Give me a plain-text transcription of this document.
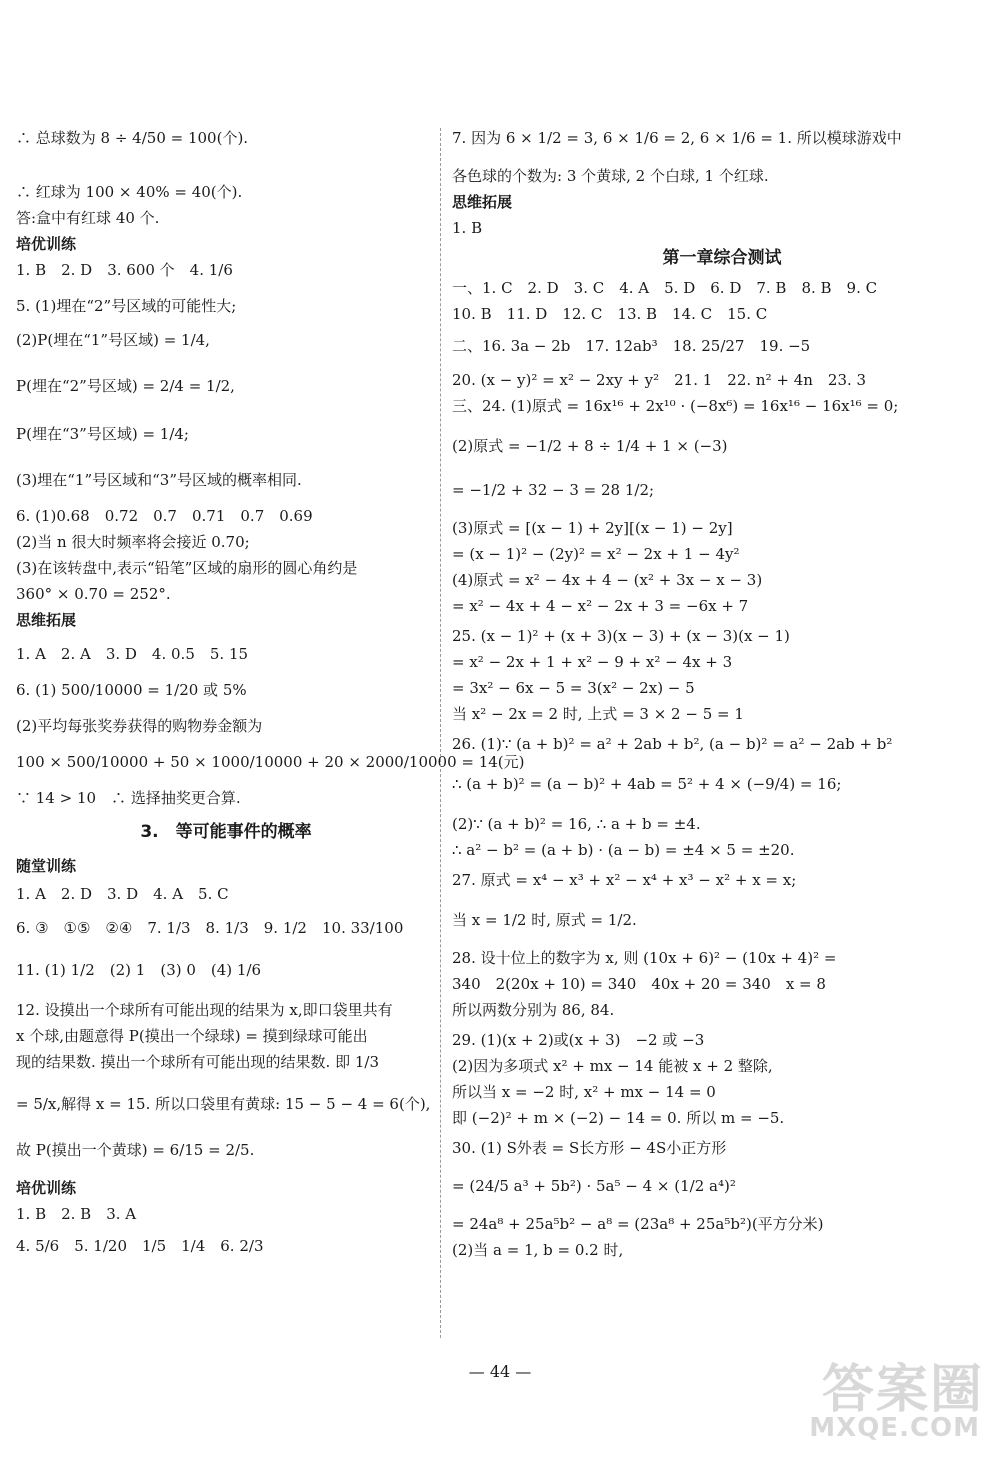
∴ 总球数为 8 ÷ 4/50 = 100(个).
∴ 红球为 100 × 40% = 40(个).
答:盒中有红球 40 个.
培优训练
1. B　2. D　3. 600 个　4. 1/6
5. (1)埋在“2”号区域的可能性大;
(2)P(埋在“1”号区域) = 1/4,
P(埋在“2”号区域) = 2/4 = 1/2,
P(埋在“3”号区域) = 1/4;
(3)埋在“1”号区域和“3”号区域的概率相同.
6. (1)0.68　0.72　0.7　0.71　0.7　0.69
(2)当 n 很大时频率将会接近 0.70;
(3)在该转盘中,表示“铅笔”区域的扇形的圆心角约是
360° × 0.70 = 252°.
思维拓展
1. A　2. A　3. D　4. 0.5　5. 15
6. (1) 500/10000 = 1/20 或 5%
(2)平均每张奖券获得的购物券金额为
100 × 500/10000 + 50 × 1000/10000 + 20 × 2000/10000 = 14(元)
∵ 14 > 10　∴ 选择抽奖更合算.
3.　等可能事件的概率
随堂训练
1. A　2. D　3. D　4. A　5. C
6. ③　①⑤　②④　7. 1/3　8. 1/3　9. 1/2　10. 33/100
11. (1) 1/2　(2) 1　(3) 0　(4) 1/6
12. 设摸出一个球所有可能出现的结果为 x,即口袋里共有
x 个球,由题意得 P(摸出一个绿球) = 摸到绿球可能出
现的结果数. 摸出一个球所有可能出现的结果数. 即 1/3
= 5/x,解得 x = 15. 所以口袋里有黄球: 15 − 5 − 4 = 6(个),
故 P(摸出一个黄球) = 6/15 = 2/5.
培优训练
1. B　2. B　3. A
4. 5/6　5. 1/20　1/5　1/4　6. 2/3
7. 因为 6 × 1/2 = 3, 6 × 1/6 = 2, 6 × 1/6 = 1. 所以模球游戏中
各色球的个数为: 3 个黄球, 2 个白球, 1 个红球.
思维拓展
1. B
第一章综合测试
一、1. C　2. D　3. C　4. A　5. D　6. D　7. B　8. B　9. C
10. B　11. D　12. C　13. B　14. C　15. C
二、16. 3a − 2b　17. 12ab³　18. 25/27　19. −5
20. (x − y)² = x² − 2xy + y²　21. 1　22. n² + 4n　23. 3
三、24. (1)原式 = 16x¹⁶ + 2x¹⁰ · (−8x⁶) = 16x¹⁶ − 16x¹⁶ = 0;
(2)原式 = −1/2 + 8 ÷ 1/4 + 1 × (−3)
= −1/2 + 32 − 3 = 28 1/2;
(3)原式 = [(x − 1) + 2y][(x − 1) − 2y]
= (x − 1)² − (2y)² = x² − 2x + 1 − 4y²
(4)原式 = x² − 4x + 4 − (x² + 3x − x − 3)
= x² − 4x + 4 − x² − 2x + 3 = −6x + 7
25. (x − 1)² + (x + 3)(x − 3) + (x − 3)(x − 1)
= x² − 2x + 1 + x² − 9 + x² − 4x + 3
= 3x² − 6x − 5 = 3(x² − 2x) − 5
当 x² − 2x = 2 时, 上式 = 3 × 2 − 5 = 1
26. (1)∵ (a + b)² = a² + 2ab + b², (a − b)² = a² − 2ab + b²
∴ (a + b)² = (a − b)² + 4ab = 5² + 4 × (−9/4) = 16;
(2)∵ (a + b)² = 16, ∴ a + b = ±4.
∴ a² − b² = (a + b) · (a − b) = ±4 × 5 = ±20.
27. 原式 = x⁴ − x³ + x² − x⁴ + x³ − x² + x = x;
当 x = 1/2 时, 原式 = 1/2.
28. 设十位上的数字为 x, 则 (10x + 6)² − (10x + 4)² =
340　2(20x + 10) = 340　40x + 20 = 340　x = 8
所以两数分别为 86, 84.
29. (1)(x + 2)或(x + 3)　−2 或 −3
(2)因为多项式 x² + mx − 14 能被 x + 2 整除,
所以当 x = −2 时, x² + mx − 14 = 0
即 (−2)² + m × (−2) − 14 = 0. 所以 m = −5.
30. (1) S外表 = S长方形 − 4S小正方形
= (24/5 a³ + 5b²) · 5a⁵ − 4 × (1/2 a⁴)²
= 24a⁸ + 25a⁵b² − a⁸ = (23a⁸ + 25a⁵b²)(平方分米)
(2)当 a = 1, b = 0.2 时,
— 44 —	答案圈
MXQE.COM
